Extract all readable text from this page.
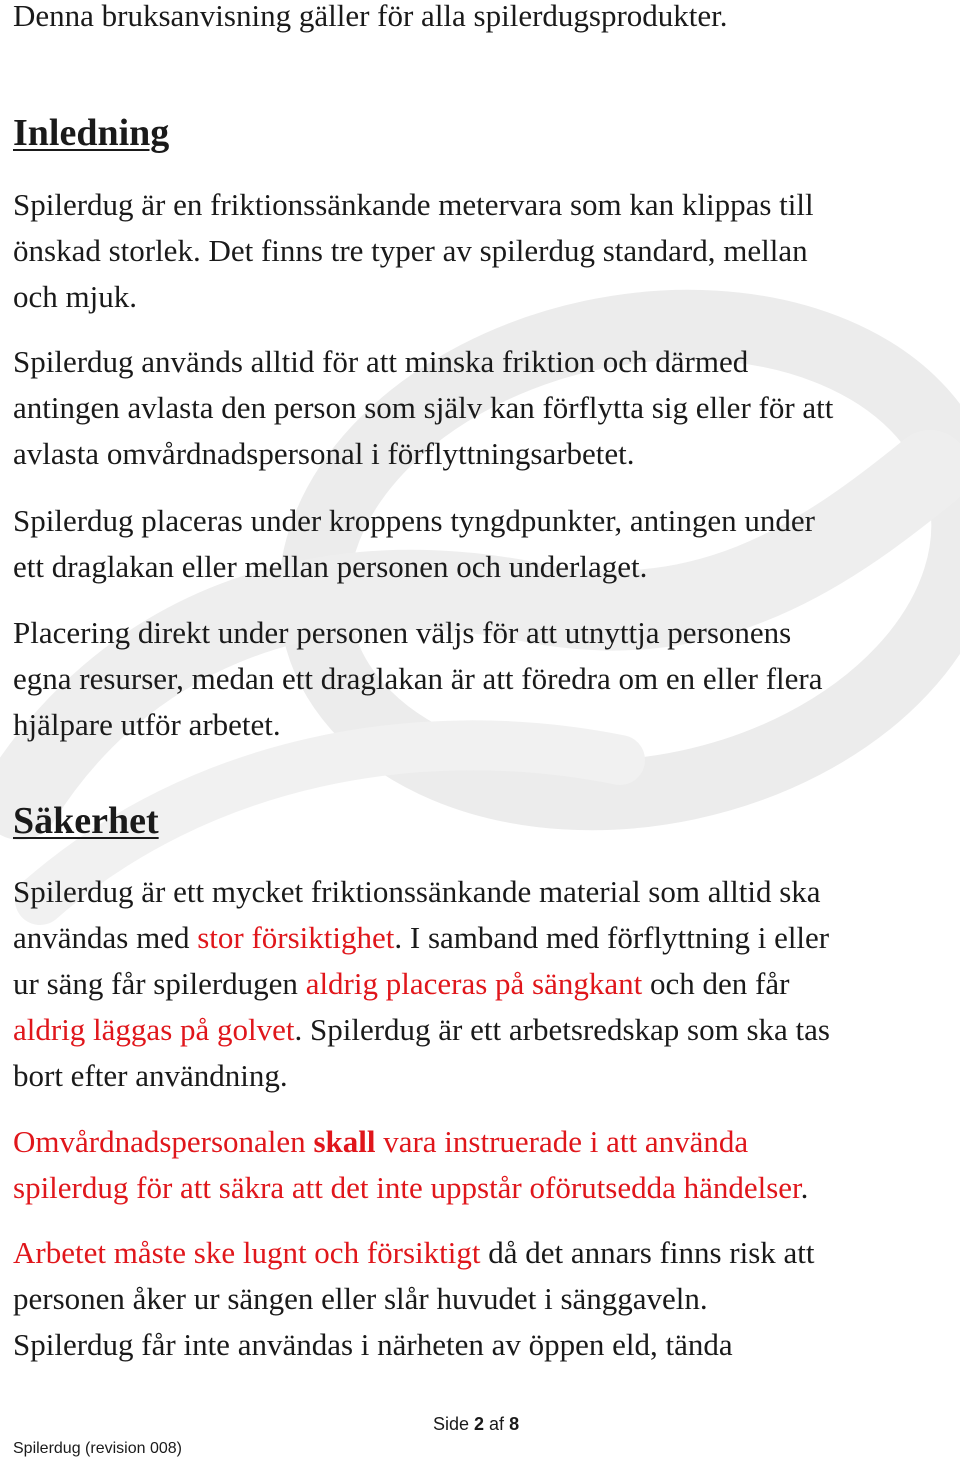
Denna bruksanvisning gäller för alla spilerdugsprodukter.

Inledning

Spilerdug är en friktionssänkande metervara som kan klippas till
önskad storlek. Det finns tre typer av spilerdug standard, mellan
och mjuk.

Spilerdug används alltid för att minska friktion och därmed
antingen avlasta den person som själv kan förflytta sig eller för att
avlasta omvårdnadspersonal i förflyttningsarbetet.

Spilerdug placeras under kroppens tyngdpunkter, antingen under
ett draglakan eller mellan personen och underlaget.

Placering direkt under personen väljs för att utnyttja personens
egna resurser, medan ett draglakan är att föredra om en eller flera
hjälpare utför arbetet.

Säkerhet

Spilerdug är ett mycket friktionssänkande material som alltid ska
användas med stor försiktighet. I samband med förflyttning i eller
ur säng får spilerdugen aldrig placeras på sängkant och den får
aldrig läggas på golvet. Spilerdug är ett arbetsredskap som ska tas
bort efter användning.

Omvårdnadspersonalen skall vara instruerade i att använda
spilerdug för att säkra att det inte uppstår oförutsedda händelser.

Arbetet måste ske lugnt och försiktigt då det annars finns risk att
personen åker ur sängen eller slår huvudet i sänggaveln.
Spilerdug får inte användas i närheten av öppen eld, tända

Side 2 af 8
Spilerdug (revision 008)
